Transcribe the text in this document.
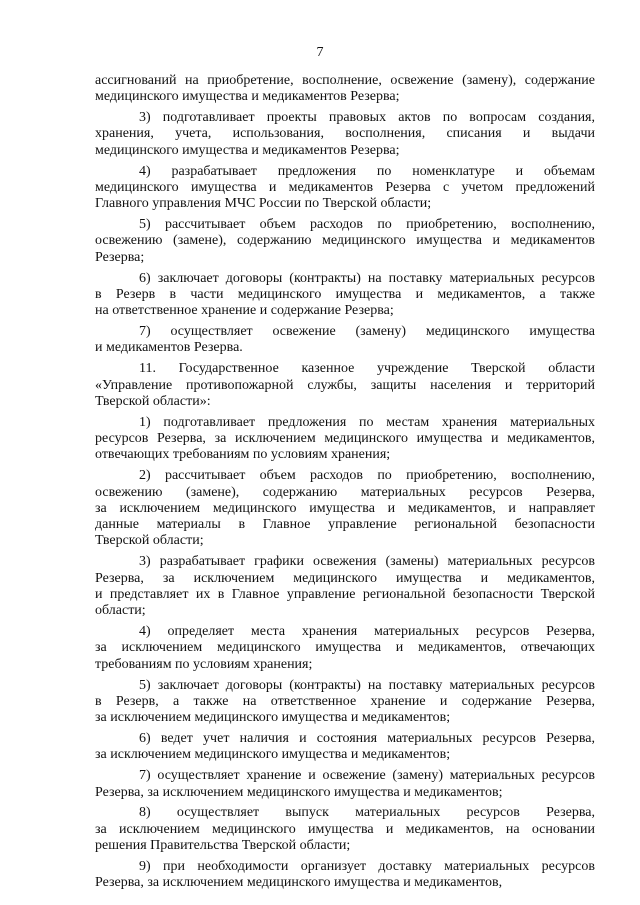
7
ассигнований на приобретение, восполнение, освежение (замену), содержание
медицинского имущества и медикаментов Резерва;
3) подготавливает проекты правовых актов по вопросам создания,
хранения, учета, использования, восполнения, списания и выдачи
медицинского имущества и медикаментов Резерва;
4) разрабатывает предложения по номенклатуре и объемам
медицинского имущества и медикаментов Резерва с учетом предложений
Главного управления МЧС России по Тверской области;
5) рассчитывает объем расходов по приобретению, восполнению,
освежению (замене), содержанию медицинского имущества и медикаментов
Резерва;
6) заключает договоры (контракты) на поставку материальных ресурсов
в Резерв в части медицинского имущества и медикаментов, а также
на ответственное хранение и содержание Резерва;
7) осуществляет освежение (замену) медицинского имущества
и медикаментов Резерва.
11. Государственное казенное учреждение Тверской области
«Управление противопожарной службы, защиты населения и территорий
Тверской области»:
1) подготавливает предложения по местам хранения материальных
ресурсов Резерва, за исключением медицинского имущества и медикаментов,
отвечающих требованиям по условиям хранения;
2) рассчитывает объем расходов по приобретению, восполнению,
освежению (замене), содержанию материальных ресурсов Резерва,
за исключением медицинского имущества и медикаментов, и направляет
данные материалы в Главное управление региональной безопасности
Тверской области;
3) разрабатывает графики освежения (замены) материальных ресурсов
Резерва, за исключением медицинского имущества и медикаментов,
и представляет их в Главное управление региональной безопасности Тверской
области;
4) определяет места хранения материальных ресурсов Резерва,
за исключением медицинского имущества и медикаментов, отвечающих
требованиям по условиям хранения;
5) заключает договоры (контракты) на поставку материальных ресурсов
в Резерв, а также на ответственное хранение и содержание Резерва,
за исключением медицинского имущества и медикаментов;
6) ведет учет наличия и состояния материальных ресурсов Резерва,
за исключением медицинского имущества и медикаментов;
7) осуществляет хранение и освежение (замену) материальных ресурсов
Резерва, за исключением медицинского имущества и медикаментов;
8) осуществляет выпуск материальных ресурсов Резерва,
за исключением медицинского имущества и медикаментов, на основании
решения Правительства Тверской области;
9) при необходимости организует доставку материальных ресурсов
Резерва, за исключением медицинского имущества и медикаментов,
